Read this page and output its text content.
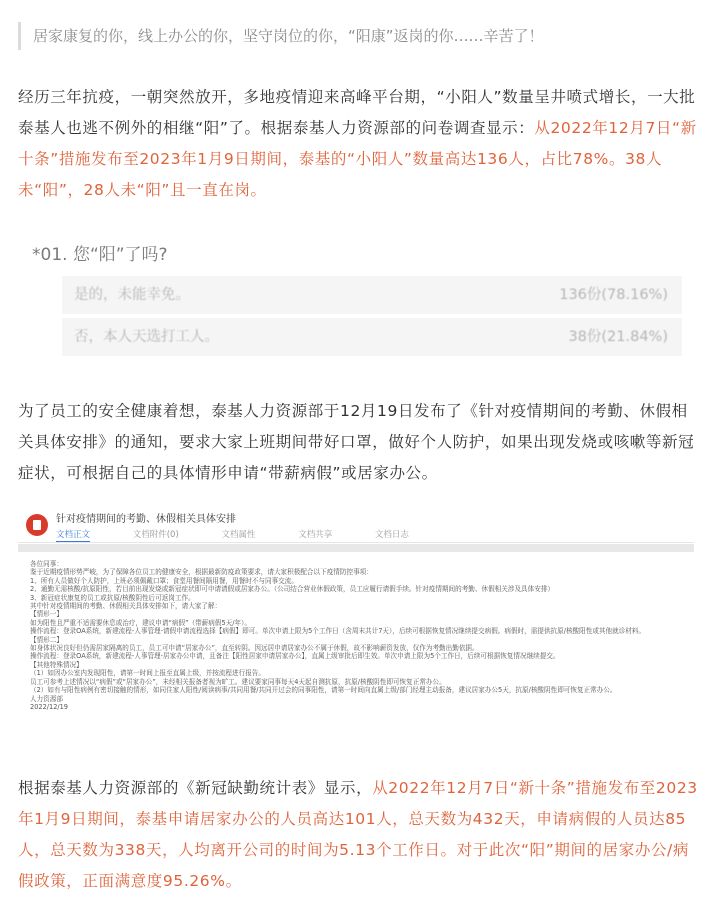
居家康复的你，线上办公的你，坚守岗位的你，“阳康”返岗的你……辛苦了！
经历三年抗疫，一朝突然放开，多地疫情迎来高峰平台期，“小阳人”数量呈井喷式增长，一大批泰基人也逃不例外的相继“阳”了。根据泰基人力资源部的问卷调查显示：从2022年12月7日“新十条”措施发布至2023年1月9日期间，泰基的“小阳人”数量高达136人，占比78%。38人未“阳”，28人未“阳”且一直在岗。
*01. 您“阳”了吗?
是的，未能幸免。	136份(78.16%)
否，本人天选打工人。	38份(21.84%)
为了员工的安全健康着想，泰基人力资源部于12月19日发布了《针对疫情期间的考勤、休假相关具体安排》的通知，要求大家上班期间带好口罩，做好个人防护，如果出现发烧或咳嗽等新冠症状，可根据自己的具体情形申请“带薪病假”或居家办公。
针对疫情期间的考勤、休假相关具体安排
文档正文	文档附件(0)	文档属性	文档共享	文档日志
各位同事：
鉴于近期疫情形势严峻，为了保障各位员工的健康安全，根据最新防疫政策要求，请大家积极配合以下疫情防控事项：
1、所有人员做好个人防护，上班必须佩戴口罩；食堂用餐间隔用餐，用餐时不与同事交流。
2、通勤无需核酸/抗原阳性，若目前出现发烧或新冠症状即可申请请假或居家办公。（公司结合营业休假政策，员工应履行请假手续。针对疫情期间的考勤、休假相关涉及具体安排）
3、新冠症状康复的员工或抗原/核酸阴性后可返岗工作。
其中针对疫情期间的考勤、休假相关具体安排如下，请大家了解：
【情形一】
如为阳性且严重不适需要休息或治疗，建议申请“病假”（带薪病假5天/年）。
操作流程：登录OA系统，新建流程-人事管理-请假申请流程选择【病假】即可。单次申请上限为5个工作日（含周末共计7天），后续可根据恢复情况继续提交病假。病假时，需提供抗原/核酸阳性或其他就诊材料。
【情形二】
如身体状况良好但仍需居家隔离的员工，员工可申请“居家办公”，直至转阴。因远居申请居家办公不属于休假，故不影响薪资发放，仅作为考勤出勤依据。
操作流程：登录OA系统，新建流程-人事管理-居家办公申请，且备注【阳性居家申请居家办公】，直属上级审批后即生效。单次申请上限为5个工作日，后续可根据恢复情况继续提交。
【其他特殊情况】
（1）如因办公室内发现阳性，请第一时间上报至直属上级，并按流程进行报告。
员工可参考上述情况以“病假”或“居家办公”，未经相关报备者视为旷工。建议要家同事每天4天起自测抗原，抗原/核酸阴性即可恢复正常办公。
（2）如有与阳性病例有密切接触的情形，如同住家人阳性/阅读病事/共同用餐/共同开过会的同事阳性，请第一时间向直属上级/部门经理主动报备，建议居家办公5天，抗原/核酸阴性即可恢复正常办公。
人力资源部
2022/12/19
根据泰基人力资源部的《新冠缺勤统计表》显示，从2022年12月7日“新十条”措施发布至2023年1月9日期间，泰基申请居家办公的人员高达101人，总天数为432天，申请病假的人员达85人，总天数为338天，人均离开公司的时间为5.13个工作日。对于此次“阳”期间的居家办公/病假政策，正面满意度95.26%。
